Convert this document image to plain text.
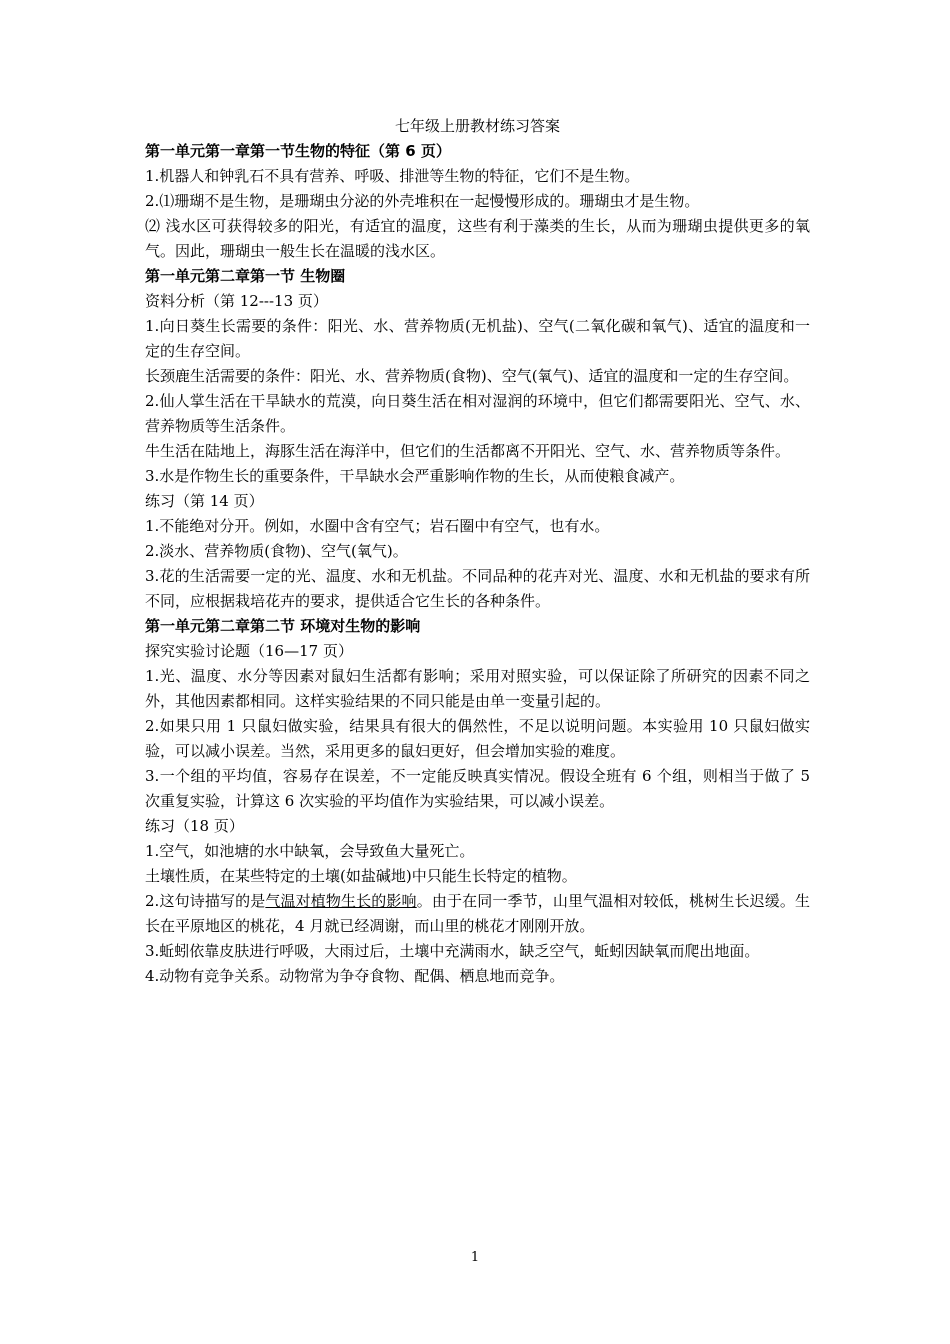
七年级上册教材练习答案
第一单元第一章第一节生物的特征（第 6 页）

1.机器人和钟乳石不具有营养、呼吸、排泄等生物的特征，它们不是生物。

2.⑴珊瑚不是生物，是珊瑚虫分泌的外壳堆积在一起慢慢形成的。珊瑚虫才是生物。

⑵ 浅水区可获得较多的阳光，有适宜的温度，这些有利于藻类的生长，从而为珊瑚虫提供更多的氧气。因此，珊瑚虫一般生长在温暖的浅水区。

第一单元第二章第一节 生物圈

资料分析（第 12---13 页）

1.向日葵生长需要的条件：阳光、水、营养物质(无机盐)、空气(二氧化碳和氧气)、适宜的温度和一定的生存空间。

长颈鹿生活需要的条件：阳光、水、营养物质(食物)、空气(氧气)、适宜的温度和一定的生存空间。

2.仙人掌生活在干旱缺水的荒漠，向日葵生活在相对湿润的环境中，但它们都需要阳光、空气、水、营养物质等生活条件。

牛生活在陆地上，海豚生活在海洋中，但它们的生活都离不开阳光、空气、水、营养物质等条件。

3.水是作物生长的重要条件，干旱缺水会严重影响作物的生长，从而使粮食减产。

练习（第 14 页）

1.不能绝对分开。例如，水圈中含有空气；岩石圈中有空气，也有水。

2.淡水、营养物质(食物)、空气(氧气)。

3.花的生活需要一定的光、温度、水和无机盐。不同品种的花卉对光、温度、水和无机盐的要求有所不同，应根据栽培花卉的要求，提供适合它生长的各种条件。

第一单元第二章第二节 环境对生物的影响

探究实验讨论题（16—17 页）

1.光、温度、水分等因素对鼠妇生活都有影响；采用对照实验，可以保证除了所研究的因素不同之外，其他因素都相同。这样实验结果的不同只能是由单一变量引起的。

2.如果只用 1 只鼠妇做实验，结果具有很大的偶然性，不足以说明问题。本实验用 10 只鼠妇做实验，可以减小误差。当然，采用更多的鼠妇更好，但会增加实验的难度。

3.一个组的平均值，容易存在误差，不一定能反映真实情况。假设全班有 6 个组，则相当于做了 5 次重复实验，计算这 6 次实验的平均值作为实验结果，可以减小误差。

练习（18 页）

1.空气，如池塘的水中缺氧，会导致鱼大量死亡。

土壤性质，在某些特定的土壤(如盐碱地)中只能生长特定的植物。

2.这句诗描写的是气温对植物生长的影响。由于在同一季节，山里气温相对较低，桃树生长迟缓。生长在平原地区的桃花，4 月就已经凋谢，而山里的桃花才刚刚开放。

3.蚯蚓依靠皮肤进行呼吸，大雨过后，土壤中充满雨水，缺乏空气，蚯蚓因缺氧而爬出地面。

4.动物有竞争关系。动物常为争夺食物、配偶、栖息地而竞争。

1
